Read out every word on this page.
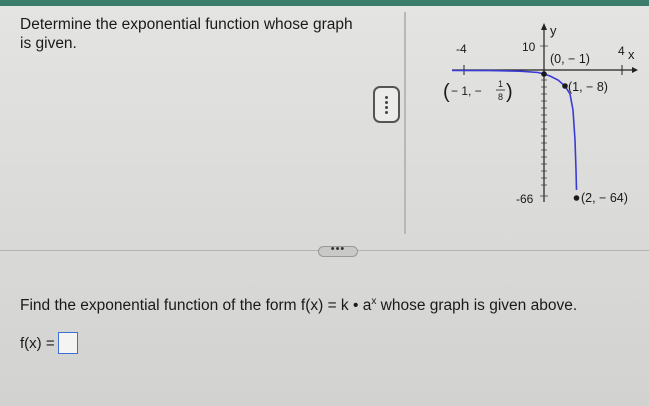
Determine the exponential function whose graph is given.	-4	4 x
y
10
-66
(0, − 1)
(1, − 8)
(2, − 64)
( − 1, − 1
8 )
•••
Find the exponential function of the form f(x) = k • $a^x$ whose graph is given above.
f(x) =
